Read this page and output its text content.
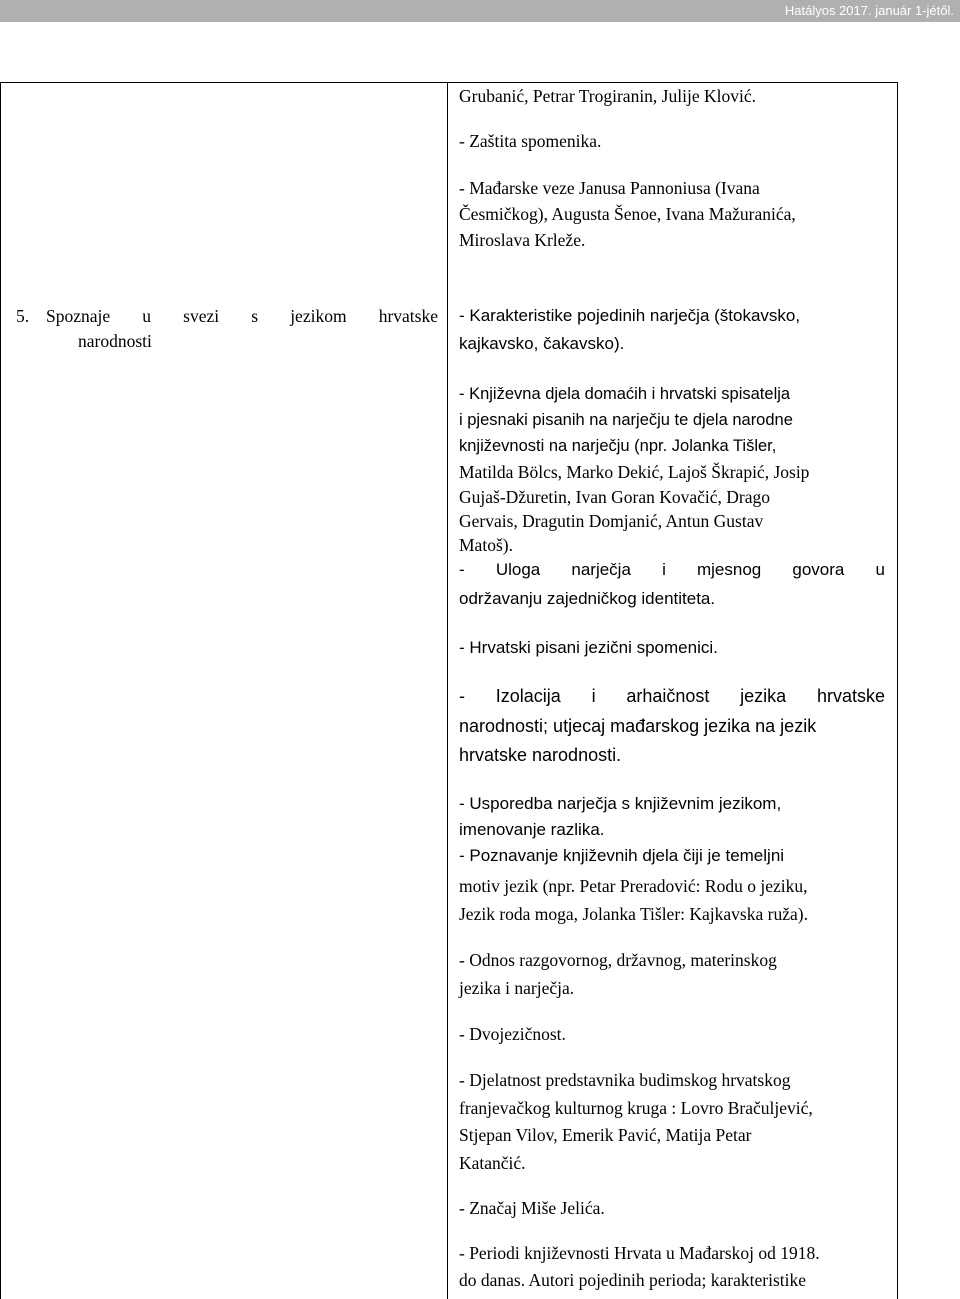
Hatályos 2017. január 1-jétől.

5. Spoznaje u svezi s jezikom hrvatske

narodnosti

Grubanić, Petrar Trogiranin, Julije Klović.

- Zaštita spomenika.

- Mađarske veze Janusa Pannoniusa (Ivana

Česmičkog), Augusta Šenoe, Ivana Mažuranića,

Miroslava Krleže.

- Karakteristike pojedinih narječja (štokavsko,

kajkavsko, čakavsko).

- Književna djela domaćih i hrvatski spisatelja

i pjesnaki pisanih na narječju te djela narodne

književnosti na narječju (npr. Jolanka Tišler,

Matilda Bölcs, Marko Dekić, Lajoš Škrapić, Josip

Gujaš-Džuretin, Ivan Goran Kovačić, Drago

Gervais, Dragutin Domjanić, Antun Gustav

Matoš).

- Uloga narječja i mjesnog govora u

održavanju zajedničkog identiteta.

- Hrvatski pisani jezični spomenici.

- Izolacija i arhaičnost jezika hrvatske

narodnosti; utjecaj mađarskog jezika na jezik

hrvatske narodnosti.

- Usporedba narječja s književnim jezikom,

imenovanje razlika.

- Poznavanje književnih djela čiji je temeljni

motiv jezik (npr. Petar Preradović: Rodu o jeziku,

Jezik roda moga, Jolanka Tišler: Kajkavska ruža).

- Odnos razgovornog, državnog, materinskog

jezika i narječja.

- Dvojezičnost.

- Djelatnost predstavnika budimskog hrvatskog

franjevačkog kulturnog kruga : Lovro Bračuljević,

Stjepan Vilov, Emerik Pavić, Matija Petar

Katančić.

- Značaj Miše Jelića.

- Periodi književnosti Hrvata u Mađarskoj od 1918.

do danas. Autori pojedinih perioda; karakteristike
